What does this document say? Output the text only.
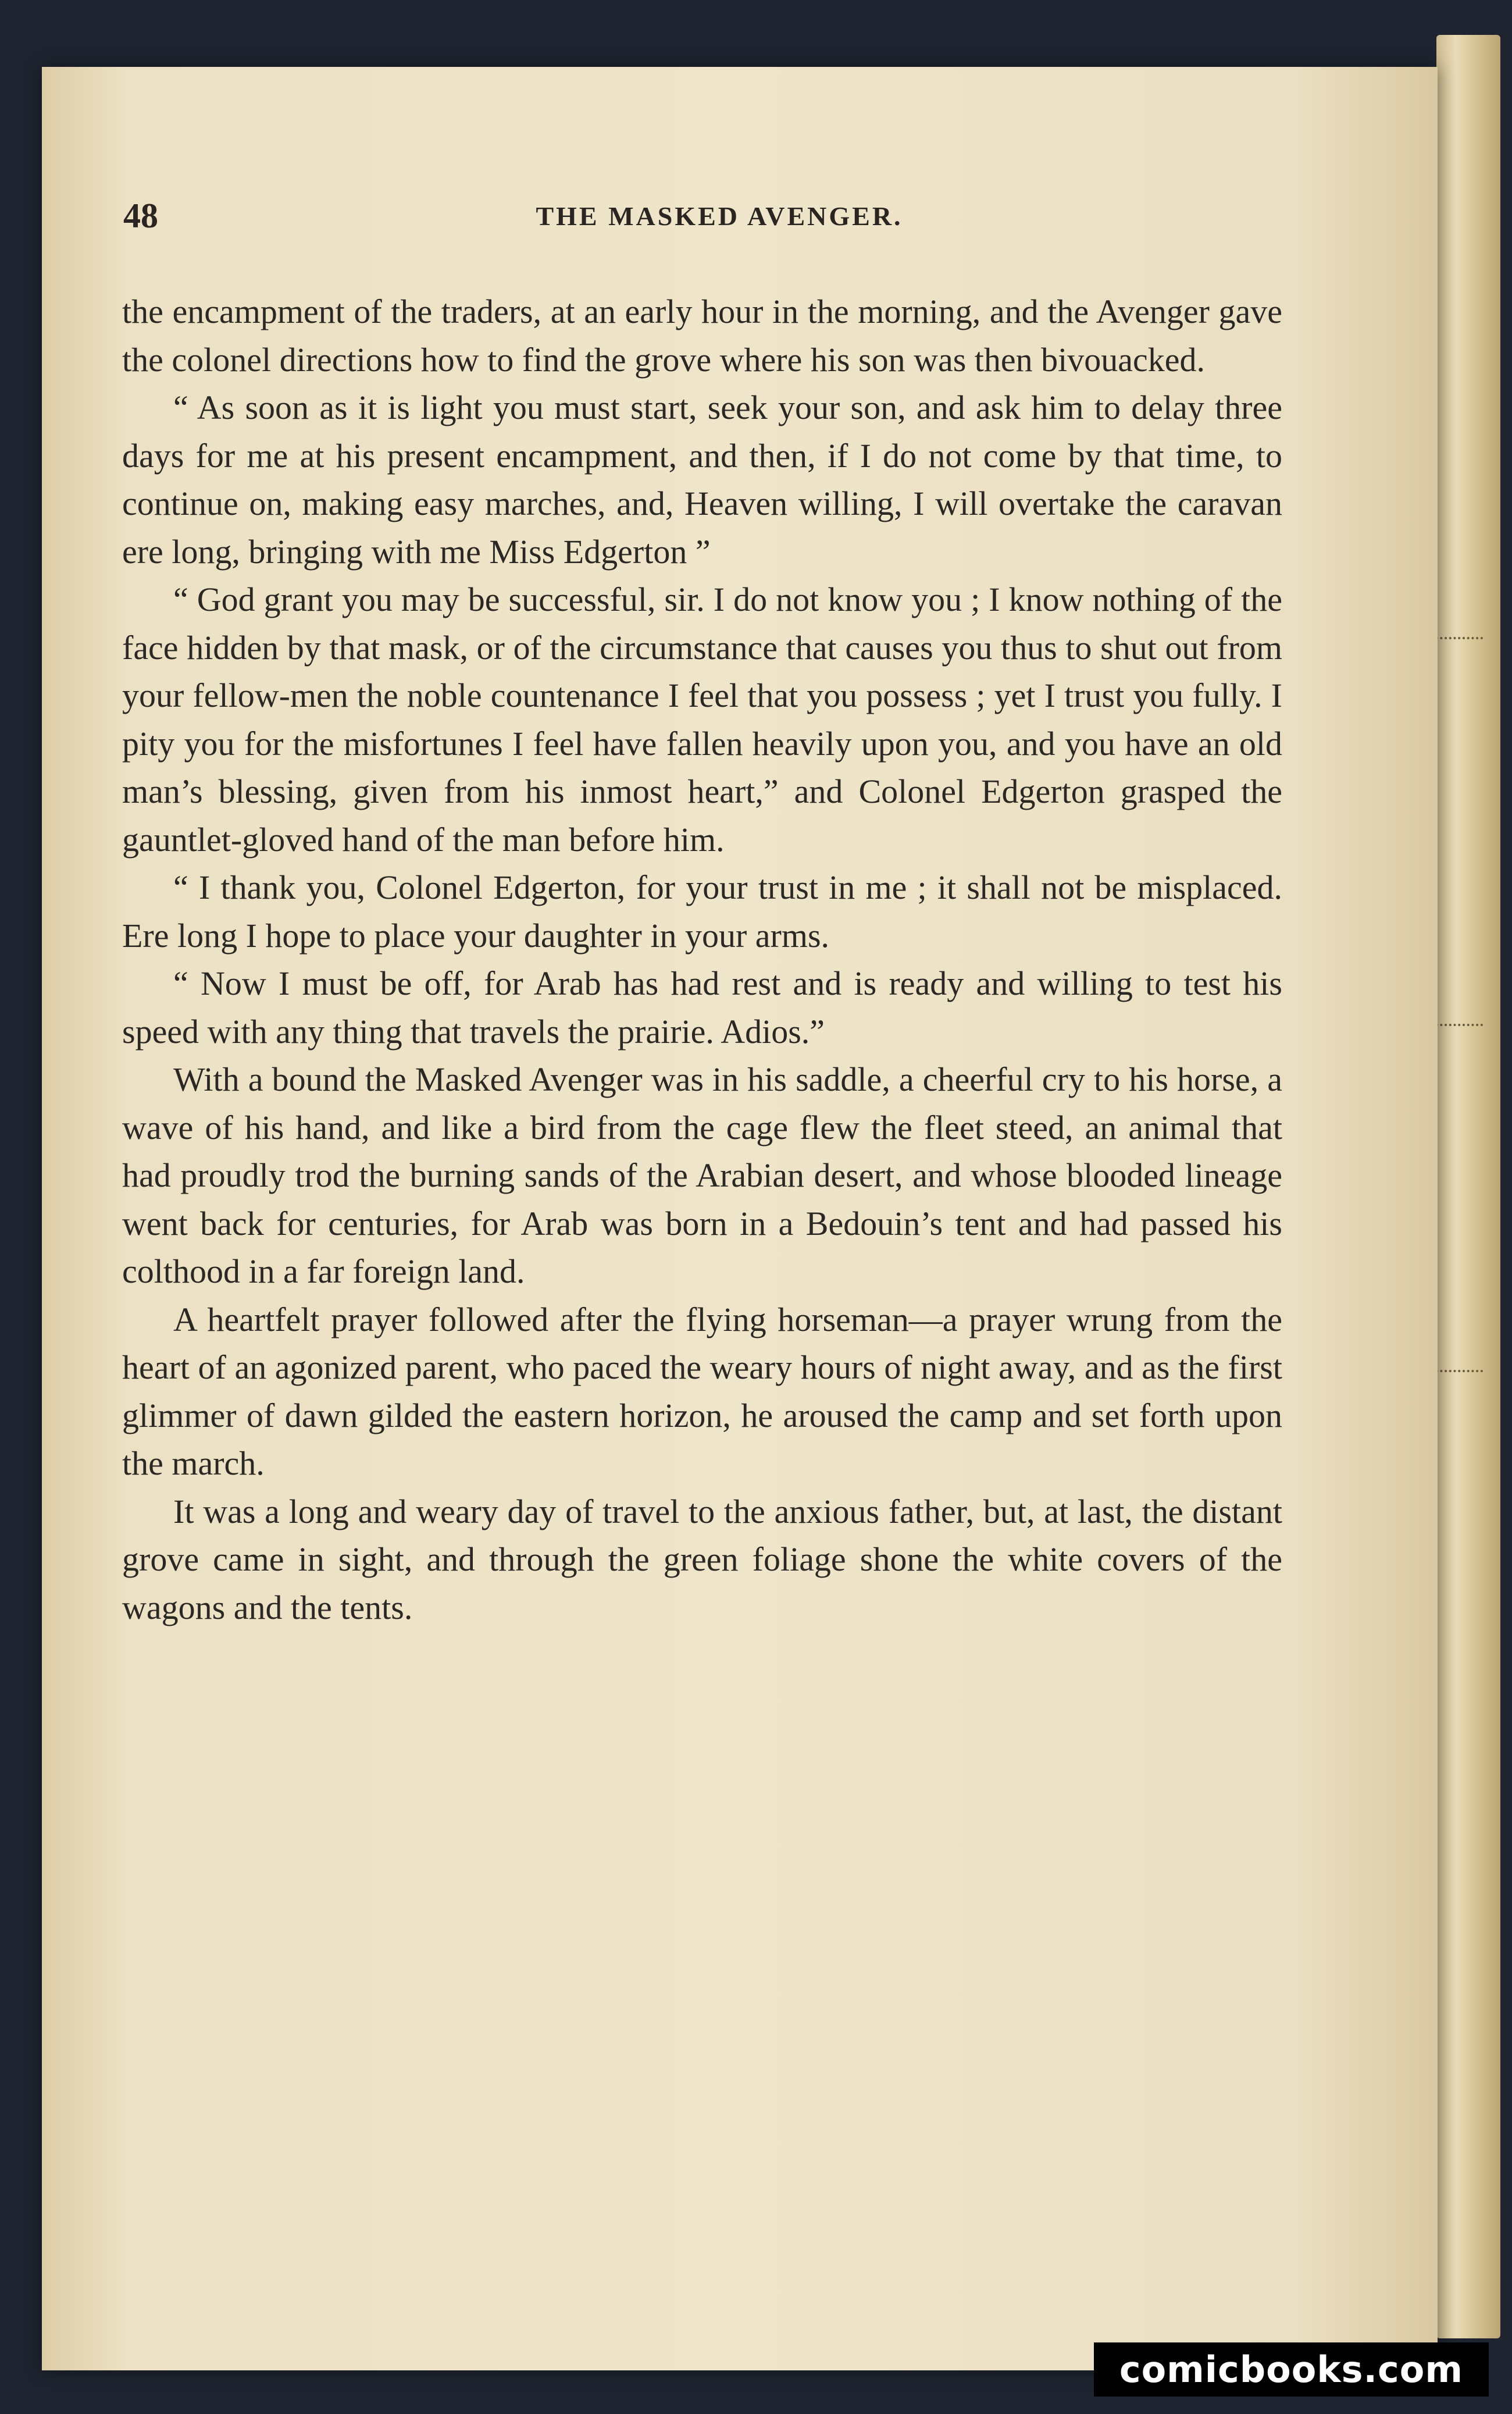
48	THE MASKED AVENGER.

the encampment of the traders, at an early hour in the morning, and the Avenger gave the colonel directions how to find the grove where his son was then bivouacked.

“ As soon as it is light you must start, seek your son, and ask him to delay three days for me at his present encampment, and then, if I do not come by that time, to continue on, making easy marches, and, Heaven willing, I will overtake the caravan ere long, bringing with me Miss Edgerton ”

“ God grant you may be successful, sir. I do not know you ; I know nothing of the face hidden by that mask, or of the circumstance that causes you thus to shut out from your fellow-men the noble countenance I feel that you possess ; yet I trust you fully. I pity you for the misfortunes I feel have fallen heavily upon you, and you have an old man’s blessing, given from his inmost heart,” and Colonel Edgerton grasped the gauntlet-gloved hand of the man before him.

“ I thank you, Colonel Edgerton, for your trust in me ; it shall not be misplaced. Ere long I hope to place your daughter in your arms.

“ Now I must be off, for Arab has had rest and is ready and willing to test his speed with any thing that travels the prairie. Adios.”

With a bound the Masked Avenger was in his saddle, a cheerful cry to his horse, a wave of his hand, and like a bird from the cage flew the fleet steed, an animal that had proudly trod the burning sands of the Arabian desert, and whose blooded lineage went back for centuries, for Arab was born in a Bedouin’s tent and had passed his colthood in a far foreign land.

A heartfelt prayer followed after the flying horseman—a prayer wrung from the heart of an agonized parent, who paced the weary hours of night away, and as the first glimmer of dawn gilded the eastern horizon, he aroused the camp and set forth upon the march.

It was a long and weary day of travel to the anxious father, but, at last, the distant grove came in sight, and through the green foliage shone the white covers of the wagons and the tents.

comicbooks.com
